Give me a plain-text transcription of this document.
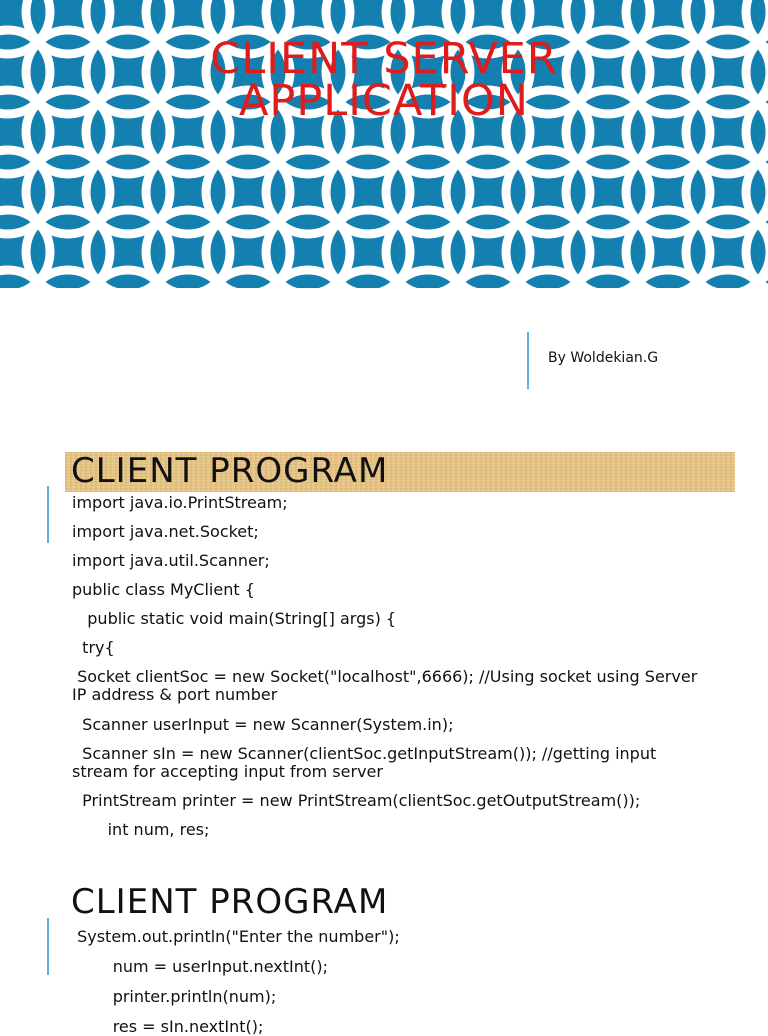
CLIENT SERVER
APPLICATION
By Woldekian.G
CLIENT PROGRAM
import java.io.PrintStream;
import java.net.Socket;
import java.util.Scanner;
public class MyClient {
public static void main(String[] args) {
try{
Socket clientSoc = new Socket("localhost",6666); //Using socket using Server IP address & port number
Scanner userInput = new Scanner(System.in);
Scanner sIn = new Scanner(clientSoc.getInputStream()); //getting input stream for accepting input from server
PrintStream printer = new PrintStream(clientSoc.getOutputStream());
int num, res;
CLIENT PROGRAM
System.out.println("Enter the number");
num = userInput.nextInt();
printer.println(num);
res = sIn.nextInt();
